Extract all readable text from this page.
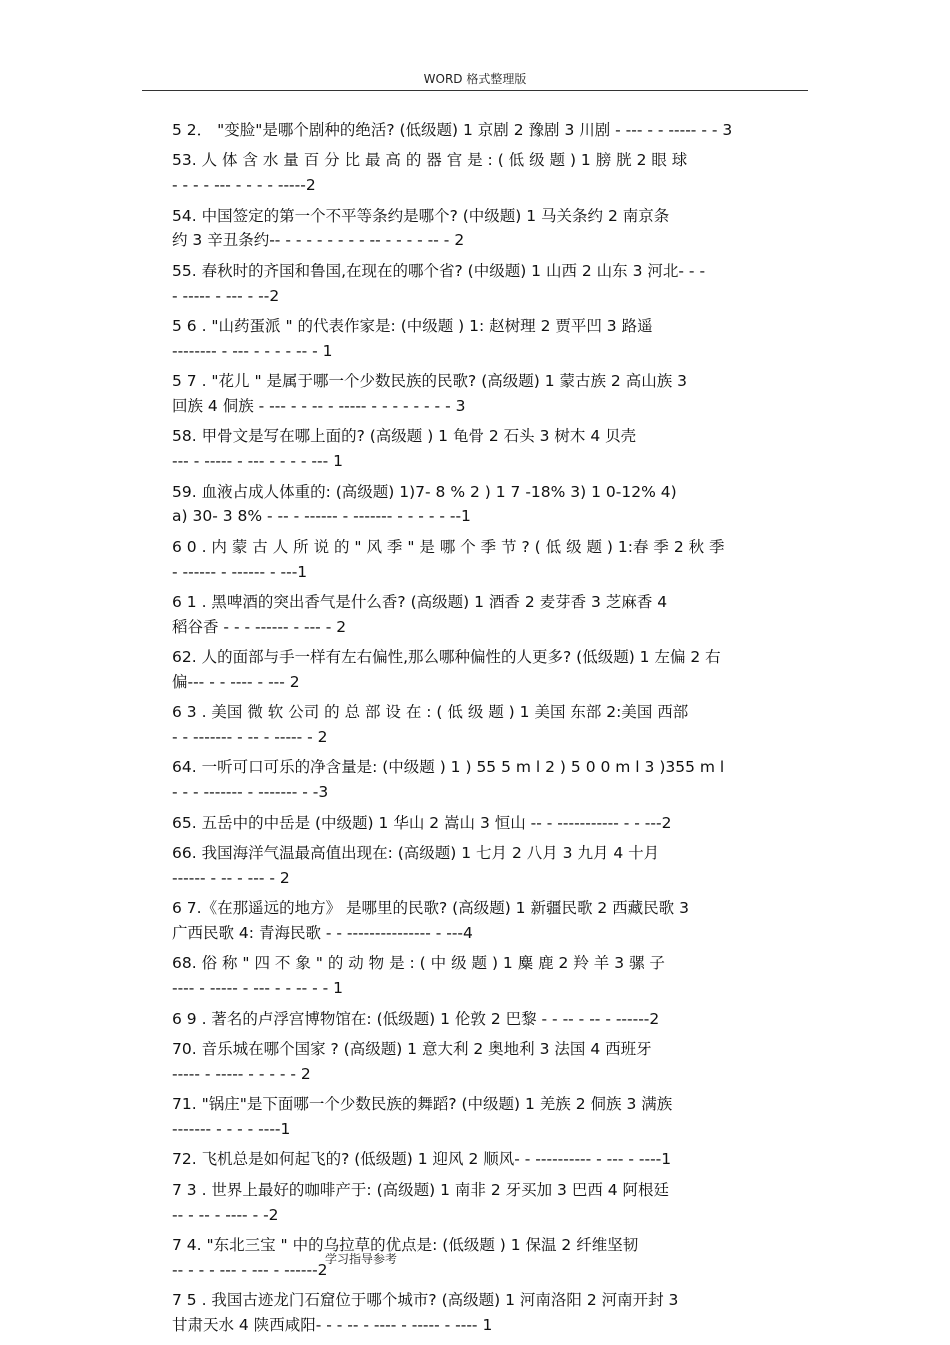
WORD 格式整理版
5 2． "变脸"是哪个剧种的绝活? (低级题) 1 京剧 2 豫剧 3 川剧 - --- - - ----- - - 3
53. 人 体 含 水 量 百 分 比 最 高 的 器 官 是 : ( 低 级 题 ) 1 膀 胱 2 眼 球
- - - - --- - - - - -----2
54. 中国签定的第一个不平等条约是哪个? (中级题) 1 马关条约 2 南京条
约 3 辛丑条约-- - - - - - - - - -- - - - - -- - 2
55. 春秋时的齐国和鲁国,在现在的哪个省? (中级题) 1 山西 2 山东 3 河北- - -
- ----- - --- - --2
5 6 . "山药蛋派 " 的代表作家是: (中级题 ) 1: 赵树理 2 贾平凹 3 路遥
-------- - --- - - - - -- - 1
5 7 . "花儿 " 是属于哪一个少数民族的民歌? (高级题) 1 蒙古族 2 高山族 3
回族 4 侗族 - --- - - -- - ----- - - - - - - - - 3
58. 甲骨文是写在哪上面的? (高级题 ) 1 龟骨 2 石头 3 树木 4 贝壳
--- - ----- - --- - - - - --- 1
59. 血液占成人体重的: (高级题) 1)7- 8 % 2 ) 1 7 -18% 3) 1 0-12% 4)
a) 30- 3 8% - -- - ------ - ------- - - - - - --1
6 0 . 内 蒙 古 人 所 说 的 " 风 季 " 是 哪 个 季 节 ? ( 低 级 题 ) 1:春 季 2 秋 季
- ------ - ------ - ---1
6 1 . 黑啤酒的突出香气是什么香? (高级题) 1 酒香 2 麦芽香 3 芝麻香 4
稻谷香 - - - ------ - --- - 2
62. 人的面部与手一样有左右偏性,那么哪种偏性的人更多? (低级题) 1 左偏 2 右
偏--- - - ---- - --- 2
6 3 . 美国 微 软 公司 的 总 部 设 在 : ( 低 级 题 ) 1 美国 东部 2:美国 西部
- - ------- - -- - ----- - 2
64. 一听可口可乐的净含量是: (中级题 ) 1 ) 55 5 m l 2 ) 5 0 0 m l 3 )355 m l
- - - ------- - ------- - -3
65. 五岳中的中岳是 (中级题) 1 华山 2 嵩山 3 恒山 -- - ----------- - - ---2
66. 我国海洋气温最高值出现在: (高级题) 1 七月 2 八月 3 九月 4 十月
------ - -- - --- - 2
6 7.《在那遥远的地方》 是哪里的民歌? (高级题) 1 新疆民歌 2 西藏民歌 3
广西民歌 4: 青海民歌 - - --------------- - ---4
68. 俗 称 " 四 不 象 " 的 动 物 是 : ( 中 级 题 ) 1 麋 鹿 2 羚 羊 3 骡 子
---- - ----- - --- - - -- - - 1
6 9 . 著名的卢浮宫博物馆在: (低级题) 1 伦敦 2 巴黎 - - -- - -- - ------2
70. 音乐城在哪个国家 ? (高级题) 1 意大利 2 奥地利 3 法国 4 西班牙
----- - ----- - - - - - 2
71. "锅庄"是下面哪一个少数民族的舞蹈? (中级题) 1 羌族 2 侗族 3 满族
------- - - - - ----1
72. 飞机总是如何起飞的? (低级题) 1 迎风 2 顺风- - ---------- - --- - ----1
7 3 . 世界上最好的咖啡产于: (高级题) 1 南非 2 牙买加 3 巴西 4 阿根廷
-- - -- - ---- - -2
7 4. "东北三宝 " 中的乌拉草的优点是: (低级题 ) 1 保温 2 纤维坚韧
-- - - - --- - --- - ------2
7 5 . 我国古迹龙门石窟位于哪个城市? (高级题) 1 河南洛阳 2 河南开封 3
甘肃天水 4 陕西咸阳- - - -- - ---- - ----- - ---- 1
学习指导参考
